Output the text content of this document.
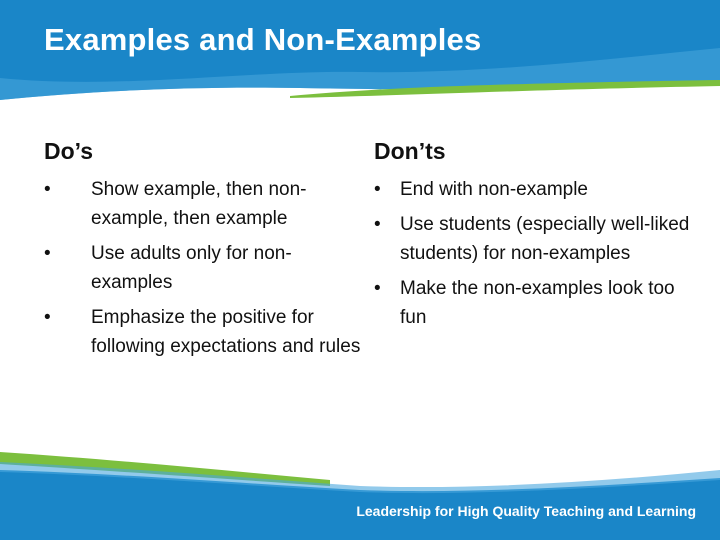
Examples and Non-Examples
Do’s
• Show example, then non-example, then example
• Use adults only for non-examples
• Emphasize the positive for following expectations and rules
Don’ts
• End with non-example
• Use students (especially well-liked students) for non-examples
• Make the non-examples look too fun
Leadership for High Quality Teaching and Learning
